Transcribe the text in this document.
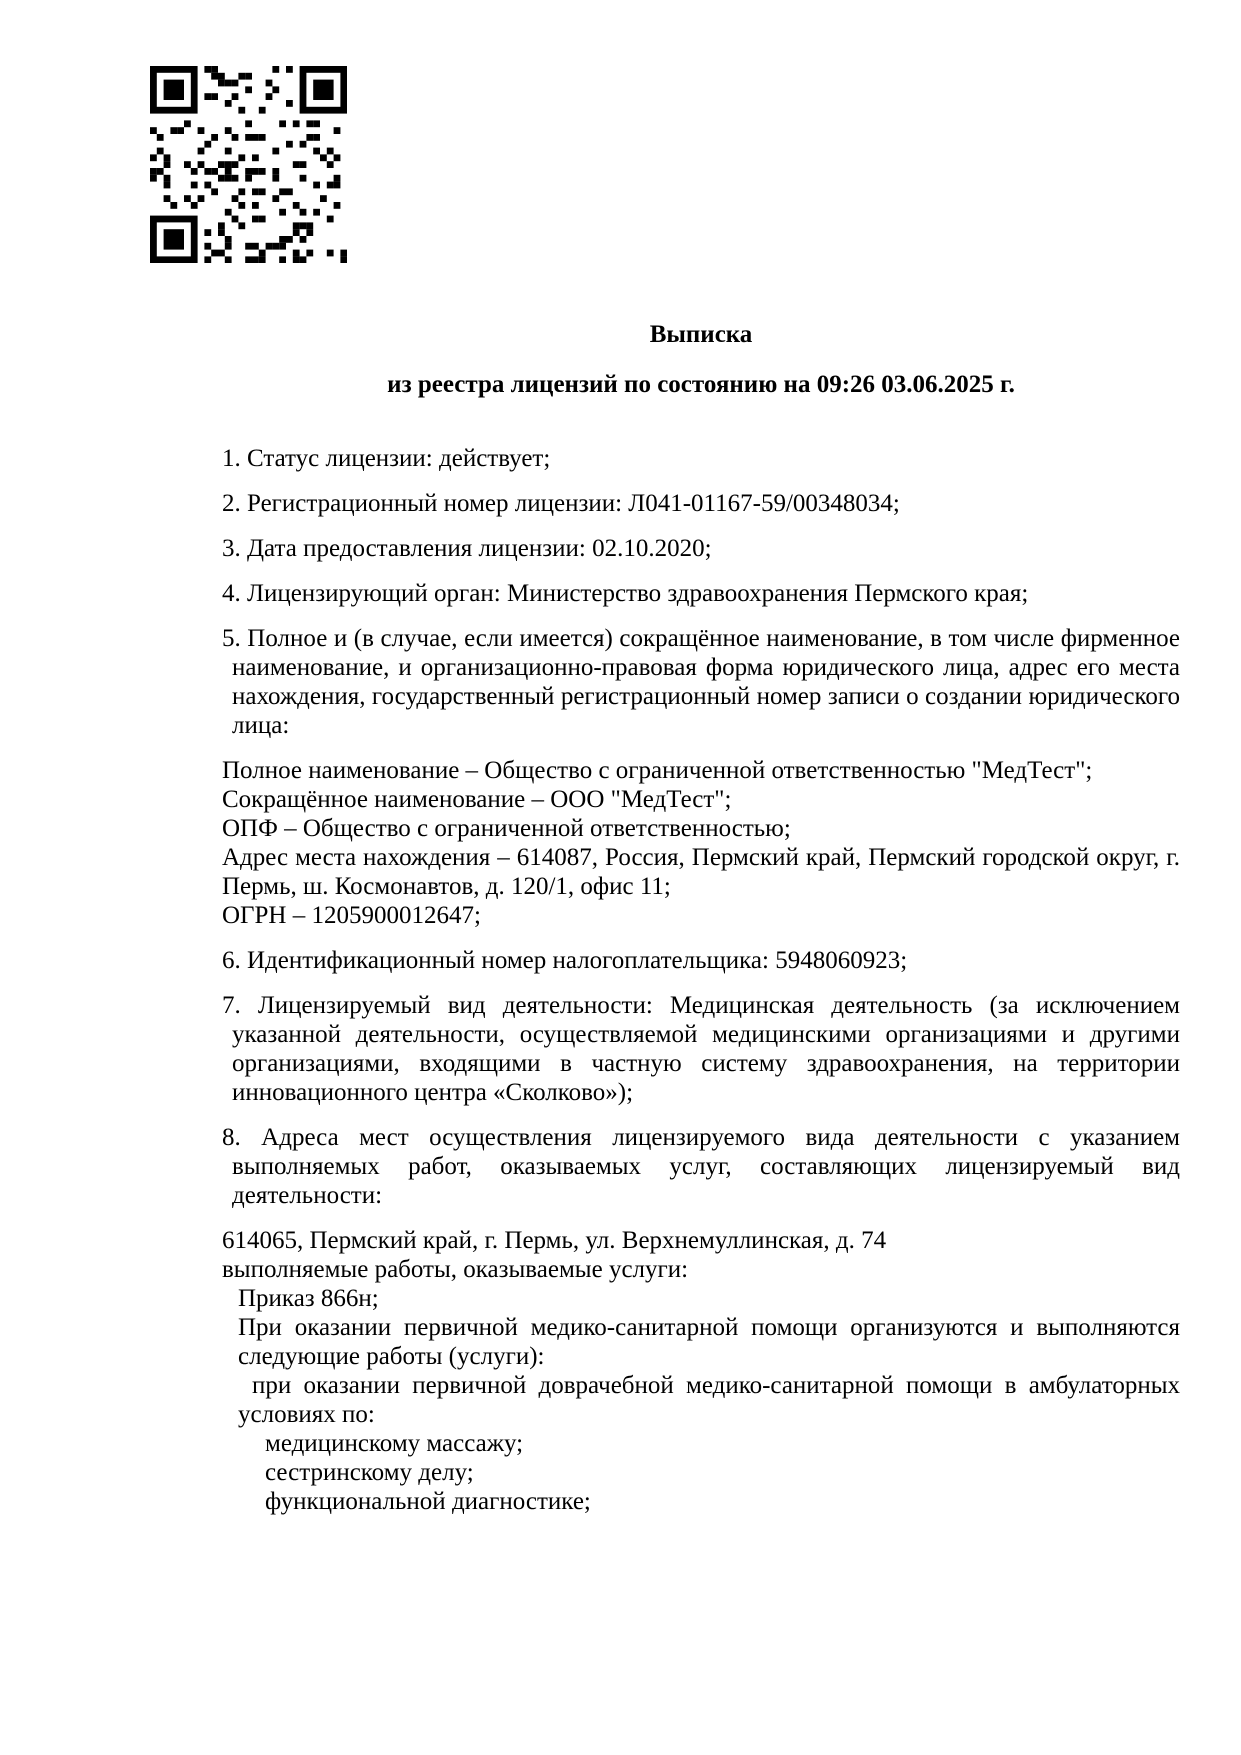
Выписка
из реестра лицензий по состоянию на 09:26 03.06.2025 г.

1. Статус лицензии: действует;

2. Регистрационный номер лицензии: Л041-01167-59/00348034;

3. Дата предоставления лицензии: 02.10.2020;

4. Лицензирующий орган: Министерство здравоохранения Пермского края;

5. Полное и (в случае, если имеется) сокращённое наименование, в том числе фирменное наименование, и организационно-правовая форма юридического лица, адрес его места нахождения, государственный регистрационный номер записи о создании юридического лица:

Полное наименование – Общество с ограниченной ответственностью "МедТест";

Сокращённое наименование – ООО "МедТест";

ОПФ – Общество с ограниченной ответственностью;

Адрес места нахождения – 614087, Россия, Пермский край, Пермский городской округ, г. Пермь, ш. Космонавтов, д. 120/1, офис 11;

ОГРН – 1205900012647;

6. Идентификационный номер налогоплательщика: 5948060923;

7. Лицензируемый вид деятельности: Медицинская деятельность (за исключением указанной деятельности, осуществляемой медицинскими организациями и другими организациями, входящими в частную систему здравоохранения, на территории инновационного центра «Сколково»);

8. Адреса мест осуществления лицензируемого вида деятельности с указанием выполняемых работ, оказываемых услуг, составляющих лицензируемый вид деятельности:

614065, Пермский край, г. Пермь, ул. Верхнемуллинская, д. 74

выполняемые работы, оказываемые услуги:

Приказ 866н;

При оказании первичной медико-санитарной помощи организуются и выполняются следующие работы (услуги):

при оказании первичной доврачебной медико-санитарной помощи в амбулаторных условиях по:

медицинскому массажу;

сестринскому делу;

функциональной диагностике;
